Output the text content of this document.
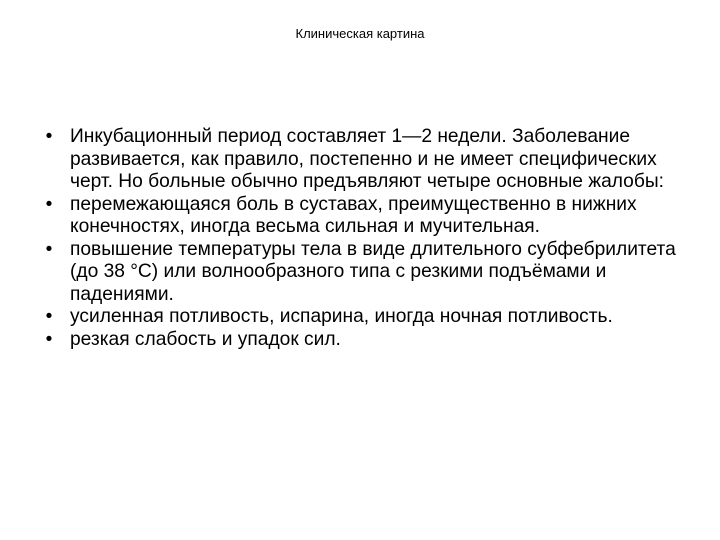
Клиническая картина
• Инкубационный период составляет 1—2 недели. Заболевание развивается, как правило, постепенно и не имеет специфических черт. Но больные обычно предъявляют четыре основные жалобы:
• перемежающаяся боль в суставах, преимущественно в нижних конечностях, иногда весьма сильная и мучительная.
• повышение температуры тела в виде длительного субфебрилитета (до 38 °С) или волнообразного типа с резкими подъёмами и падениями.
• усиленная потливость, испарина, иногда ночная потливость.
• резкая слабость и упадок сил.
